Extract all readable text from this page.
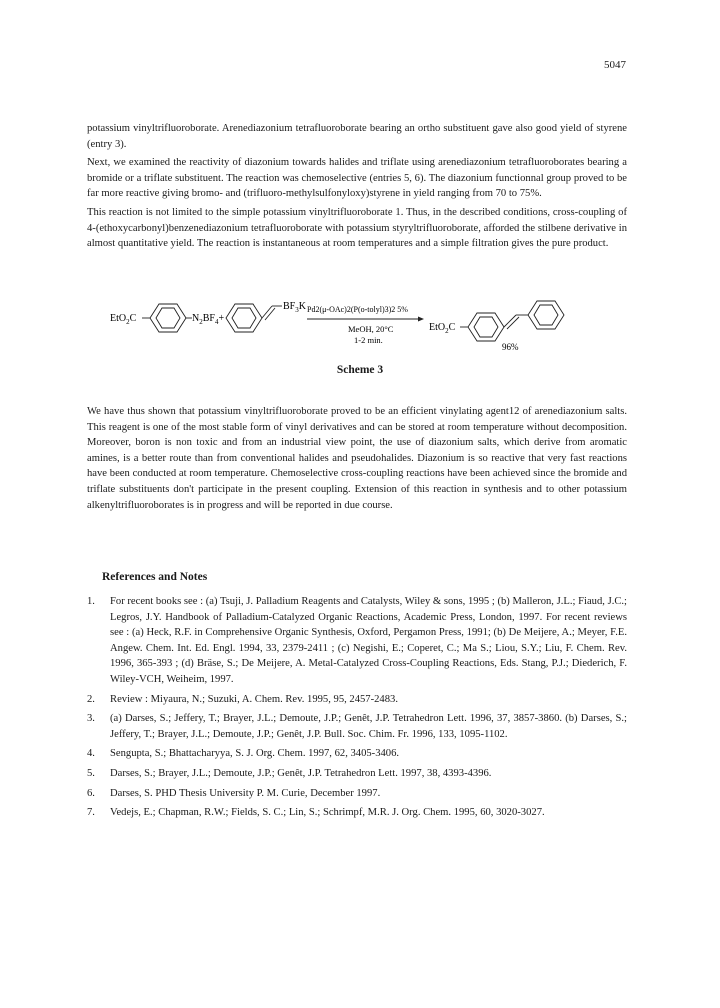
5047

potassium vinyltrifluoroborate. Arenediazonium tetrafluoroborate bearing an ortho substituent gave also good yield of styrene (entry 3).

Next, we examined the reactivity of diazonium towards halides and triflate using arenediazonium tetrafluoroborates bearing a bromide or a triflate substituent. The reaction was chemoselective (entries 5, 6). The diazonium functionnal group proved to be far more reactive giving bromo- and (trifluoro-methylsulfonyloxy)styrene in yield ranging from 70 to 75%.

This reaction is not limited to the simple potassium vinyltrifluoroborate 1. Thus, in the described conditions, cross-coupling of 4-(ethoxycarbonyl)benzenediazonium tetrafluoroborate with potassium styryltrifluoroborate, afforded the stilbene derivative in almost quantitative yield. The reaction is instantaneous at room temperatures and a simple filtration gives the pure product.

EtO$_2$C	$N_2BF_4+$
$BF_3K$ Pd2(μ-OAc)2(P(o-tolyl)3)2 5%
MeOH, 20°C
1-2 min.
EtO$_2$C
96%
Scheme 3

We have thus shown that potassium vinyltrifluoroborate proved to be an efficient vinylating agent12 of arenediazonium salts. This reagent is one of the most stable form of vinyl derivatives and can be stored at room temperature without decomposition. Moreover, boron is non toxic and from an industrial view point, the use of diazonium salts, which derive from aromatic amines, is a better route than from conventional halides and pseudohalides. Diazonium is so reactive that very fast reactions have been conducted at room temperature. Chemoselective cross-coupling reactions have been achieved since the bromide and triflate substituents don't participate in the present coupling. Extension of this reaction in synthesis and to other potassium alkenyltrifluoroborates is in progress and will be reported in due course.

References and Notes
1. For recent books see : (a) Tsuji, J. Palladium Reagents and Catalysts, Wiley & sons, 1995 ; (b) Malleron, J.L.; Fiaud, J.C.; Legros, J.Y. Handbook of Palladium-Catalyzed Organic Reactions, Academic Press, London, 1997. For recent reviews see : (a) Heck, R.F. in Comprehensive Organic Synthesis, Oxford, Pergamon Press, 1991; (b) De Meijere, A.; Meyer, F.E. Angew. Chem. Int. Ed. Engl. 1994, 33, 2379-2411 ; (c) Negishi, E.; Coperet, C.; Ma S.; Liou, S.Y.; Liu, F. Chem. Rev. 1996, 365-393 ; (d) Bräse, S.; De Meijere, A. Metal-Catalyzed Cross-Coupling Reactions, Eds. Stang, P.J.; Diederich, F. Wiley-VCH, Weiheim, 1997.
2. Review : Miyaura, N.; Suzuki, A. Chem. Rev. 1995, 95, 2457-2483.
3. (a) Darses, S.; Jeffery, T.; Brayer, J.L.; Demoute, J.P.; Genêt, J.P. Tetrahedron Lett. 1996, 37, 3857-3860. (b) Darses, S.; Jeffery, T.; Brayer, J.L.; Demoute, J.P.; Genêt, J.P. Bull. Soc. Chim. Fr. 1996, 133, 1095-1102.
4. Sengupta, S.; Bhattacharyya, S. J. Org. Chem. 1997, 62, 3405-3406.
5. Darses, S.; Brayer, J.L.; Demoute, J.P.; Genêt, J.P. Tetrahedron Lett. 1997, 38, 4393-4396.
6. Darses, S. PHD Thesis University P. M. Curie, December 1997.
7. Vedejs, E.; Chapman, R.W.; Fields, S. C.; Lin, S.; Schrimpf, M.R. J. Org. Chem. 1995, 60, 3020-3027.
